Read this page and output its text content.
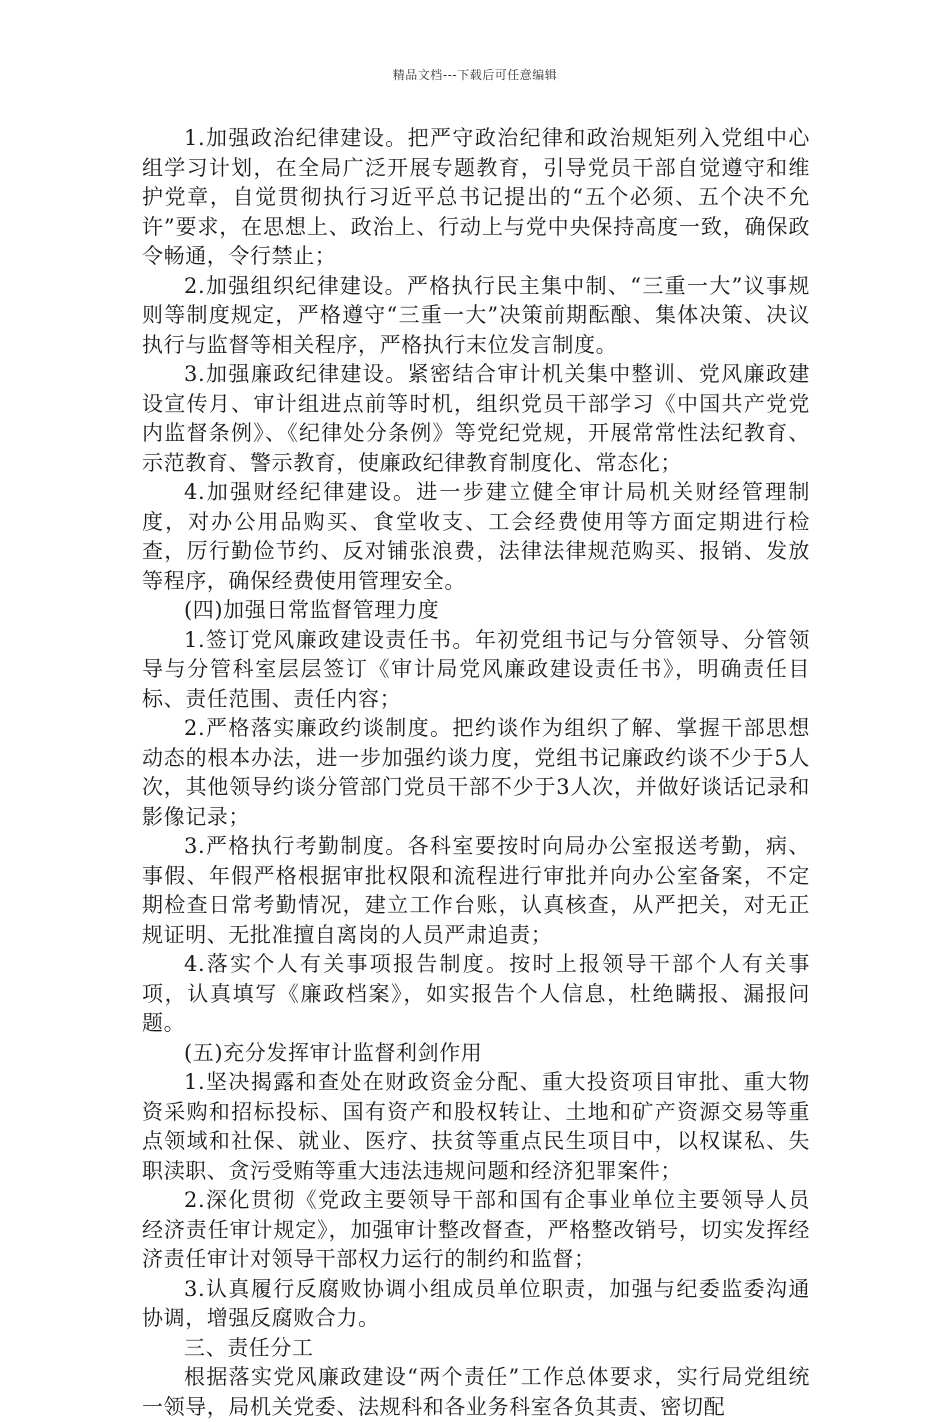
精品文档---下载后可任意编辑

1.加强政治纪律建设。把严守政治纪律和政治规矩列入党组中心组学习计划，在全局广泛开展专题教育，引导党员干部自觉遵守和维护党章，自觉贯彻执行习近平总书记提出的“五个必须、五个决不允许”要求，在思想上、政治上、行动上与党中央保持高度一致，确保政令畅通，令行禁止；

2.加强组织纪律建设。严格执行民主集中制、“三重一大”议事规则等制度规定，严格遵守“三重一大”决策前期酝酿、集体决策、决议执行与监督等相关程序，严格执行末位发言制度。

3.加强廉政纪律建设。紧密结合审计机关集中整训、党风廉政建设宣传月、审计组进点前等时机，组织党员干部学习《中国共产党党内监督条例》、《纪律处分条例》等党纪党规，开展常常性法纪教育、示范教育、警示教育，使廉政纪律教育制度化、常态化；

4.加强财经纪律建设。进一步建立健全审计局机关财经管理制度，对办公用品购买、食堂收支、工会经费使用等方面定期进行检查，厉行勤俭节约、反对铺张浪费，法律法律规范购买、报销、发放等程序，确保经费使用管理安全。

(四)加强日常监督管理力度

1.签订党风廉政建设责任书。年初党组书记与分管领导、分管领导与分管科室层层签订《审计局党风廉政建设责任书》，明确责任目标、责任范围、责任内容；

2.严格落实廉政约谈制度。把约谈作为组织了解、掌握干部思想动态的根本办法，进一步加强约谈力度，党组书记廉政约谈不少于5人次，其他领导约谈分管部门党员干部不少于3人次，并做好谈话记录和影像记录；

3.严格执行考勤制度。各科室要按时向局办公室报送考勤，病、事假、年假严格根据审批权限和流程进行审批并向办公室备案，不定期检查日常考勤情况，建立工作台账，认真核查，从严把关，对无正规证明、无批准擅自离岗的人员严肃追责；

4.落实个人有关事项报告制度。按时上报领导干部个人有关事项，认真填写《廉政档案》，如实报告个人信息，杜绝瞒报、漏报问题。

(五)充分发挥审计监督利剑作用

1.坚决揭露和查处在财政资金分配、重大投资项目审批、重大物资采购和招标投标、国有资产和股权转让、土地和矿产资源交易等重点领域和社保、就业、医疗、扶贫等重点民生项目中，以权谋私、失职渎职、贪污受贿等重大违法违规问题和经济犯罪案件；

2.深化贯彻《党政主要领导干部和国有企事业单位主要领导人员经济责任审计规定》，加强审计整改督查，严格整改销号，切实发挥经济责任审计对领导干部权力运行的制约和监督；

3.认真履行反腐败协调小组成员单位职责，加强与纪委监委沟通协调，增强反腐败合力。

三、责任分工

根据落实党风廉政建设“两个责任”工作总体要求，实行局党组统一领导，局机关党委、法规科和各业务科室各负其责、密切配
